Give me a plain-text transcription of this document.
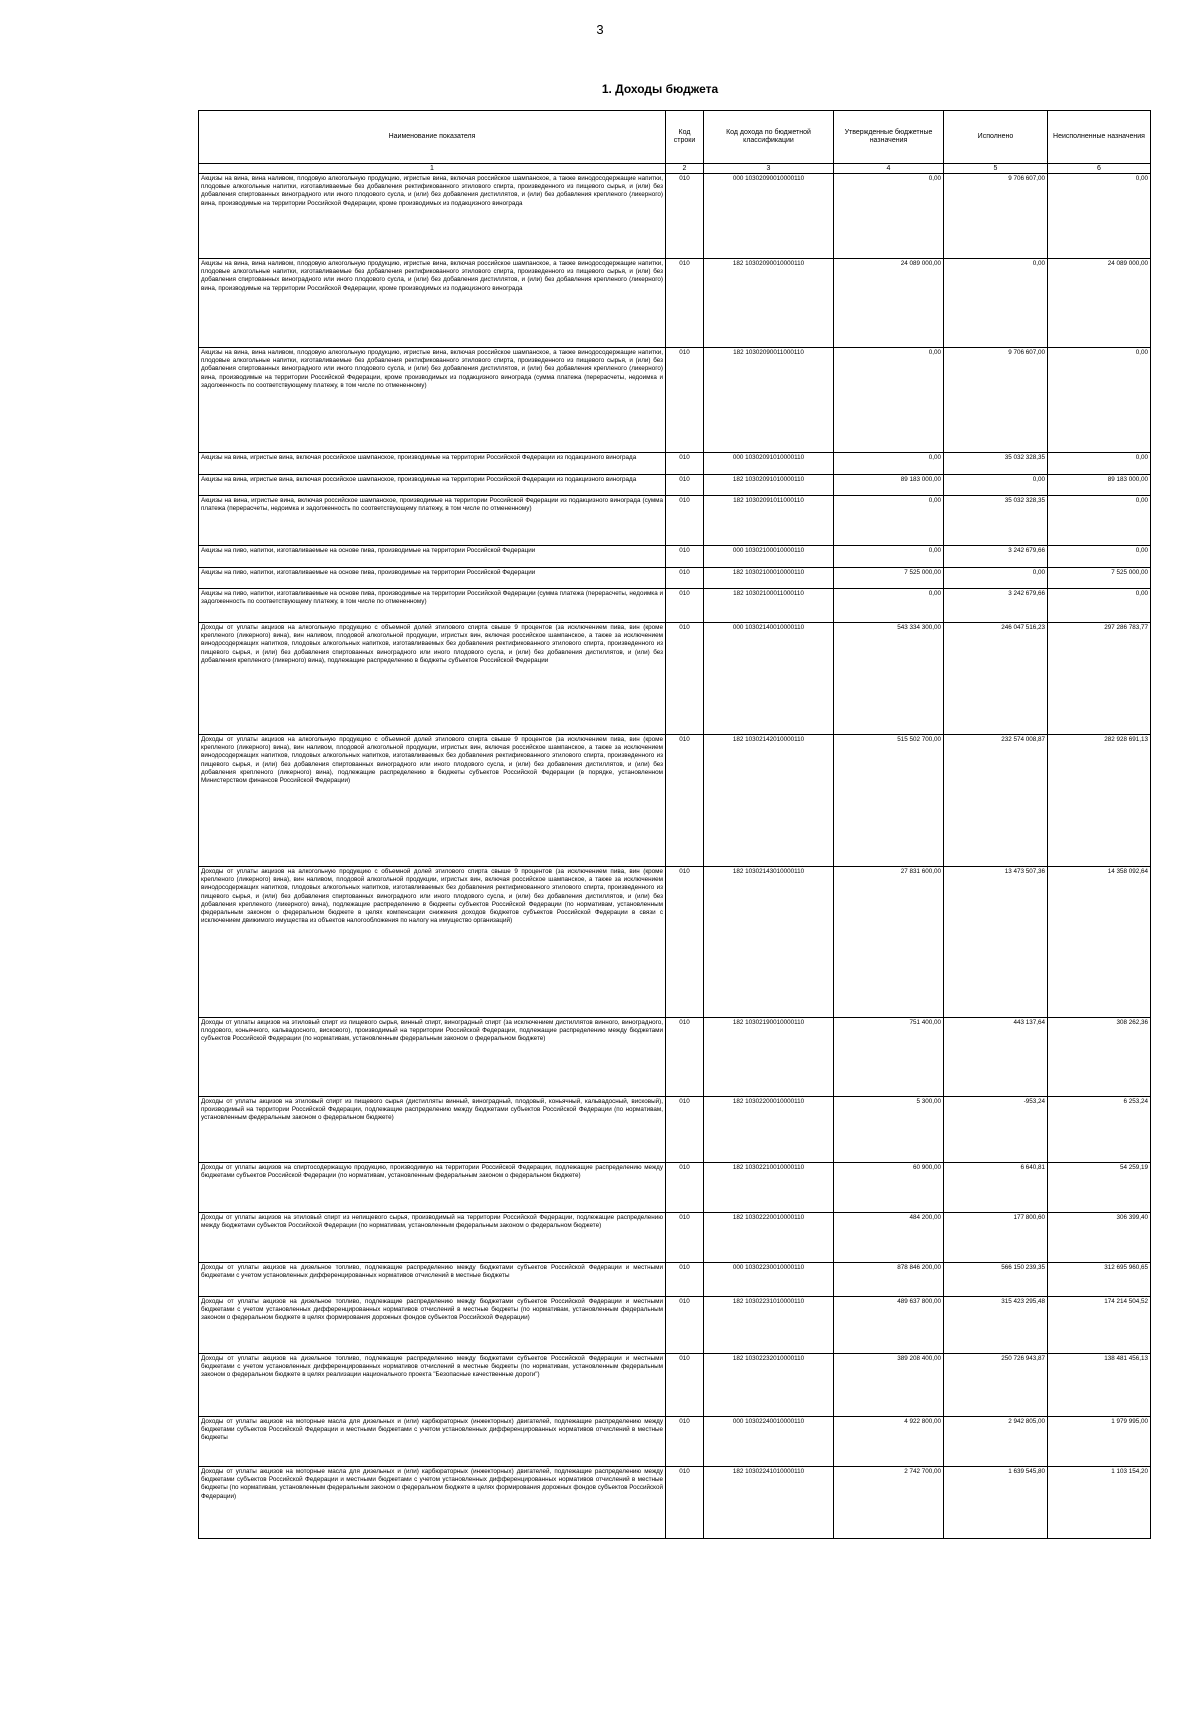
3
1. Доходы бюджета
Наименование показателя	Код строки	Код дохода по бюджетной классификации	Утвержденные бюджетные назначения	Исполнено	Неисполненные назначения
1	2	3	4	5	6
Акцизы на вина, вина наливом, плодовую алкогольную продукцию, игристые вина, включая российское шампанское, а также винодосодержащие напитки, плодовые алкогольные напитки, изготавливаемые без добавления ректификованного этилового спирта, произведенного из пищевого сырья, и (или) без добавления спиртованных виноградного или иного плодового сусла, и (или) без добавления дистиллятов, и (или) без добавления крепленого (ликерного) вина, производимые на территории Российской Федерации, кроме производимых из подакцизного винограда	010	000 10302090010000110	0,00	9 706 607,00	0,00
Акцизы на вина, вина наливом, плодовую алкогольную продукцию, игристые вина, включая российское шампанское, а также винодосодержащие напитки, плодовые алкогольные напитки, изготавливаемые без добавления ректификованного этилового спирта, произведенного из пищевого сырья, и (или) без добавления спиртованных виноградного или иного плодового сусла, и (или) без добавления дистиллятов, и (или) без добавления крепленого (ликерного) вина, производимые на территории Российской Федерации, кроме производимых из подакцизного винограда	010	182 10302090010000110	24 089 000,00	0,00	24 089 000,00
Акцизы на вина, вина наливом, плодовую алкогольную продукцию, игристые вина, включая российское шампанское, а также винодосодержащие напитки, плодовые алкогольные напитки, изготавливаемые без добавления ректификованного этилового спирта, произведенного из пищевого сырья, и (или) без добавления спиртованных виноградного или иного плодового сусла, и (или) без добавления дистиллятов, и (или) без добавления крепленого (ликерного) вина, производимые на территории Российской Федерации, кроме производимых из подакцизного винограда (сумма платежа (перерасчеты, недоимка и задолженность по соответствующему платежу, в том числе по отмененному)	010	182 10302090011000110	0,00	9 706 607,00	0,00
Акцизы на вина, игристые вина, включая российское шампанское, производимые на территории Российской Федерации из подакцизного винограда	010	000 10302091010000110	0,00	35 032 328,35	0,00
Акцизы на вина, игристые вина, включая российское шампанское, производимые на территории Российской Федерации из подакцизного винограда	010	182 10302091010000110	89 183 000,00	0,00	89 183 000,00
Акцизы на вина, игристые вина, включая российское шампанское, производимые на территории Российской Федерации из подакцизного винограда (сумма платежа (перерасчеты, недоимка и задолженность по соответствующему платежу, в том числе по отмененному)	010	182 10302091011000110	0,00	35 032 328,35	0,00
Акцизы на пиво, напитки, изготавливаемые на основе пива, производимые на территории Российской Федерации	010	000 10302100010000110	0,00	3 242 679,66	0,00
Акцизы на пиво, напитки, изготавливаемые на основе пива, производимые на территории Российской Федерации	010	182 10302100010000110	7 525 000,00	0,00	7 525 000,00
Акцизы на пиво, напитки, изготавливаемые на основе пива, производимые на территории Российской Федерации (сумма платежа (перерасчеты, недоимка и задолженность по соответствующему платежу, в том числе по отмененному)	010	182 10302100011000110	0,00	3 242 679,66	0,00
Доходы от уплаты акцизов на алкогольную продукцию с объемной долей этилового спирта свыше 9 процентов (за исключением пива, вин (кроме крепленого (ликерного) вина), вин наливом, плодовой алкогольной продукции, игристых вин, включая российское шампанское, а также за исключением винодосодержащих напитков, плодовых алкогольных напитков, изготавливаемых без добавления ректификованного этилового спирта, произведенного из пищевого сырья, и (или) без добавления спиртованных виноградного или иного плодового сусла, и (или) без добавления дистиллятов, и (или) без добавления крепленого (ликерного) вина), подлежащие распределению в бюджеты субъектов Российской Федерации	010	000 10302140010000110	543 334 300,00	246 047 516,23	297 286 783,77
Доходы от уплаты акцизов на алкогольную продукцию с объемной долей этилового спирта свыше 9 процентов (за исключением пива, вин (кроме крепленого (ликерного) вина), вин наливом, плодовой алкогольной продукции, игристых вин, включая российское шампанское, а также за исключением винодосодержащих напитков, плодовых алкогольных напитков, изготавливаемых без добавления ректификованного этилового спирта, произведенного из пищевого сырья, и (или) без добавления спиртованных виноградного или иного плодового сусла, и (или) без добавления дистиллятов, и (или) без добавления крепленого (ликерного) вина), подлежащие распределению в бюджеты субъектов Российской Федерации (в порядке, установленном Министерством финансов Российской Федерации)	010	182 10302142010000110	515 502 700,00	232 574 008,87	282 928 691,13
Доходы от уплаты акцизов на алкогольную продукцию с объемной долей этилового спирта свыше 9 процентов (за исключением пива, вин (кроме крепленого (ликерного) вина), вин наливом, плодовой алкогольной продукции, игристых вин, включая российское шампанское, а также за исключением винодосодержащих напитков, плодовых алкогольных напитков, изготавливаемых без добавления ректификованного этилового спирта, произведенного из пищевого сырья, и (или) без добавления спиртованных виноградного или иного плодового сусла, и (или) без добавления дистиллятов, и (или) без добавления крепленого (ликерного) вина), подлежащие распределению в бюджеты субъектов Российской Федерации (по нормативам, установленным федеральным законом о федеральном бюджете в целях компенсации снижения доходов бюджетов субъектов Российской Федерации в связи с исключением движимого имущества из объектов налогообложения по налогу на имущество организаций)	010	182 10302143010000110	27 831 600,00	13 473 507,36	14 358 092,64
Доходы от уплаты акцизов на этиловый спирт из пищевого сырья, винный спирт, виноградный спирт (за исключением дистиллятов винного, виноградного, плодового, коньячного, кальвадосного, вискового), производимый на территории Российской Федерации, подлежащие распределению между бюджетами субъектов Российской Федерации (по нормативам, установленным федеральным законом о федеральном бюджете)	010	182 10302190010000110	751 400,00	443 137,64	308 262,36
Доходы от уплаты акцизов на этиловый спирт из пищевого сырья (дистилляты винный, виноградный, плодовый, коньячный, кальвадосный, висковый), производимый на территории Российской Федерации, подлежащие распределению между бюджетами субъектов Российской Федерации (по нормативам, установленным федеральным законом о федеральном бюджете)	010	182 10302200010000110	5 300,00	-953,24	6 253,24
Доходы от уплаты акцизов на спиртосодержащую продукцию, производимую на территории Российской Федерации, подлежащие распределению между бюджетами субъектов Российской Федерации (по нормативам, установленным федеральным законом о федеральном бюджете)	010	182 10302210010000110	60 900,00	6 640,81	54 259,19
Доходы от уплаты акцизов на этиловый спирт из непищевого сырья, производимый на территории Российской Федерации, подлежащие распределению между бюджетами субъектов Российской Федерации (по нормативам, установленным федеральным законом о федеральном бюджете)	010	182 10302220010000110	484 200,00	177 800,60	306 399,40
Доходы от уплаты акцизов на дизельное топливо, подлежащие распределению между бюджетами субъектов Российской Федерации и местными бюджетами с учетом установленных дифференцированных нормативов отчислений в местные бюджеты	010	000 10302230010000110	878 846 200,00	566 150 239,35	312 695 960,65
Доходы от уплаты акцизов на дизельное топливо, подлежащие распределению между бюджетами субъектов Российской Федерации и местными бюджетами с учетом установленных дифференцированных нормативов отчислений в местные бюджеты (по нормативам, установленным федеральным законом о федеральном бюджете в целях формирования дорожных фондов субъектов Российской Федерации)	010	182 10302231010000110	489 637 800,00	315 423 295,48	174 214 504,52
Доходы от уплаты акцизов на дизельное топливо, подлежащие распределению между бюджетами субъектов Российской Федерации и местными бюджетами с учетом установленных дифференцированных нормативов отчислений в местные бюджеты (по нормативам, установленным федеральным законом о федеральном бюджете в целях реализации национального проекта "Безопасные качественные дороги")	010	182 10302232010000110	389 208 400,00	250 726 943,87	138 481 456,13
Доходы от уплаты акцизов на моторные масла для дизельных и (или) карбюраторных (инжекторных) двигателей, подлежащие распределению между бюджетами субъектов Российской Федерации и местными бюджетами с учетом установленных дифференцированных нормативов отчислений в местные бюджеты	010	000 10302240010000110	4 922 800,00	2 942 805,00	1 979 995,00
Доходы от уплаты акцизов на моторные масла для дизельных и (или) карбюраторных (инжекторных) двигателей, подлежащие распределению между бюджетами субъектов Российской Федерации и местными бюджетами с учетом установленных дифференцированных нормативов отчислений в местные бюджеты (по нормативам, установленным федеральным законом о федеральном бюджете в целях формирования дорожных фондов субъектов Российской Федерации)	010	182 10302241010000110	2 742 700,00	1 639 545,80	1 103 154,20
